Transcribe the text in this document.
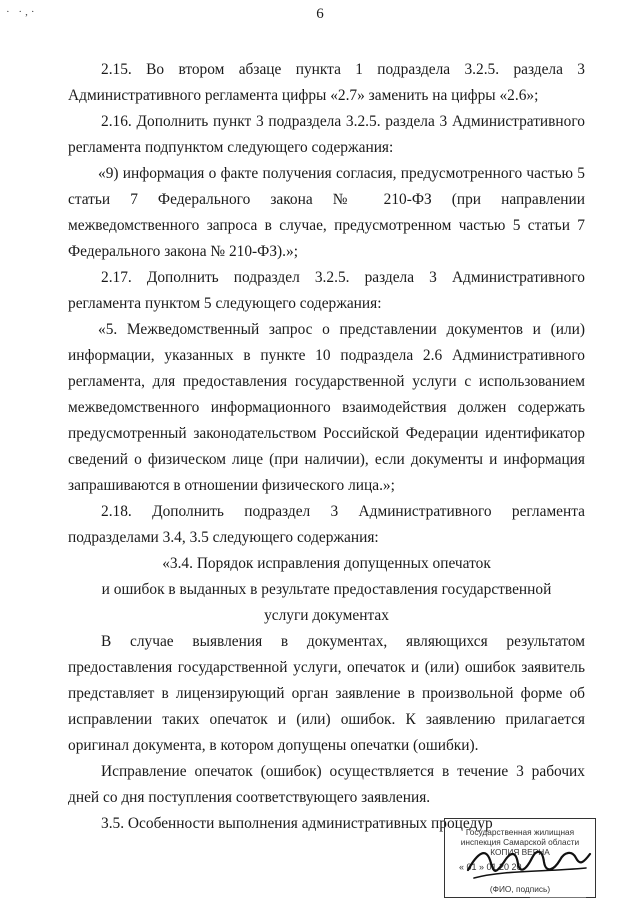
· ·,·	6

2.15. Во втором абзаце пункта 1 подраздела 3.2.5. раздела 3 Административного регламента цифры «2.7» заменить на цифры «2.6»;

2.16. Дополнить пункт 3 подраздела 3.2.5. раздела 3 Административного регламента подпунктом следующего содержания:

«9) информация о факте получения согласия, предусмотренного частью 5 статьи 7 Федерального закона № 210-ФЗ (при направлении межведомственного запроса в случае, предусмотренном частью 5 статьи 7 Федерального закона № 210-ФЗ).»;

2.17. Дополнить подраздел 3.2.5. раздела 3 Административного регламента пунктом 5 следующего содержания:

«5. Межведомственный запрос о представлении документов и (или) информации, указанных в пункте 10 подраздела 2.6 Административного регламента, для предоставления государственной услуги с использованием межведомственного информационного взаимодействия должен содержать предусмотренный законодательством Российской Федерации идентификатор сведений о физическом лице (при наличии), если документы и информация запрашиваются в отношении физического лица.»;

2.18. Дополнить подраздел 3 Административного регламента подразделами 3.4, 3.5 следующего содержания:

«3.4. Порядок исправления допущенных опечаток

и ошибок в выданных в результате предоставления государственной

услуги документах

В случае выявления в документах, являющихся результатом предоставления государственной услуги, опечаток и (или) ошибок заявитель представляет в лицензирующий орган заявление в произвольной форме об исправлении таких опечаток и (или) ошибок. К заявлению прилагается оригинал документа, в котором допущены опечатки (ошибки).

Исправление опечаток (ошибок) осуществляется в течение 3 рабочих дней со дня поступления соответствующего заявления.

3.5. Особенности выполнения административных процедур

Государственная жилищная
инспекция Самарской области
КОПИЯ ВЕРНА
« 01 » 01 20 20
(ФИО, подпись)
